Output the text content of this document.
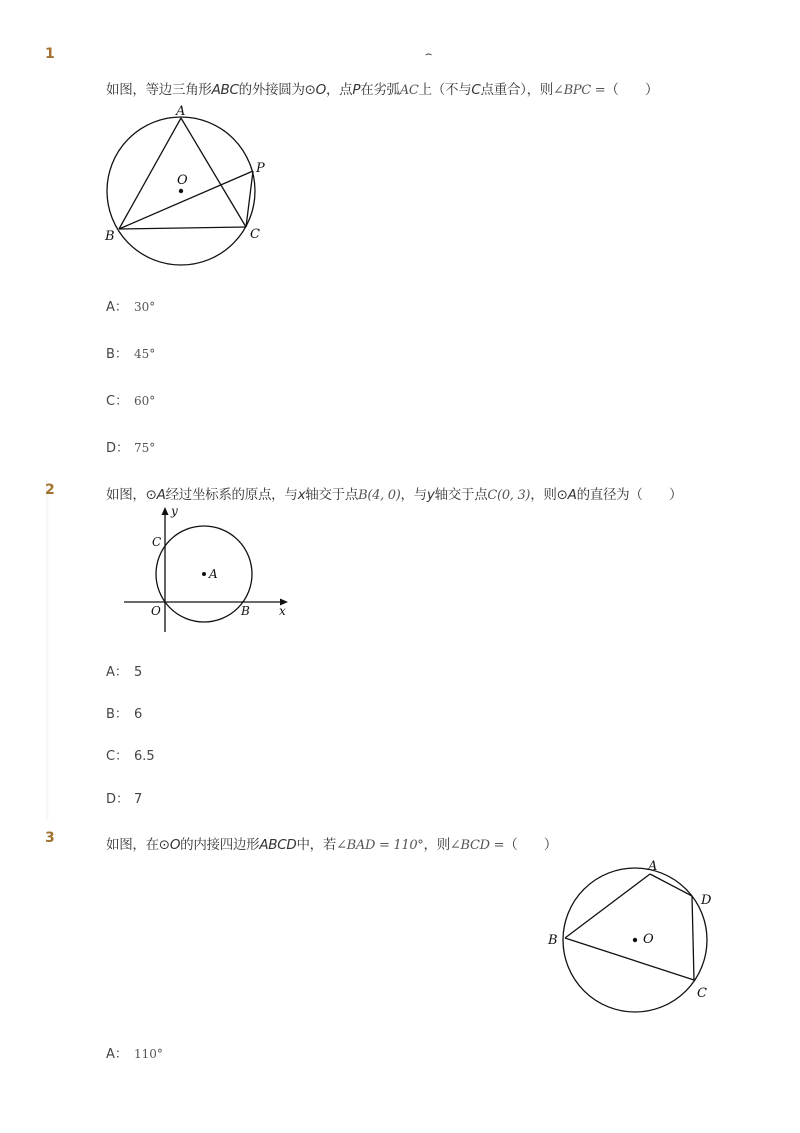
1	⌢
如图，等边三角形ABC的外接圆为⊙O，点P在劣弧AC上（不与C点重合），则∠BPC =（　　）
A
O
P
B	C
A： 30°
B： 45°
C： 60°
D： 75°
2	如图，⊙A经过坐标系的原点，与x轴交于点B(4, 0)，与y轴交于点C(0, 3)，则⊙A的直径为（　　）
y
C
A
O	B x
A： 5
B： 6
C： 6.5
D： 7
3	如图，在⊙O的内接四边形ABCD中，若∠BAD = 110°，则∠BCD =（　　）
A
D
B	O
C
A： 110°
